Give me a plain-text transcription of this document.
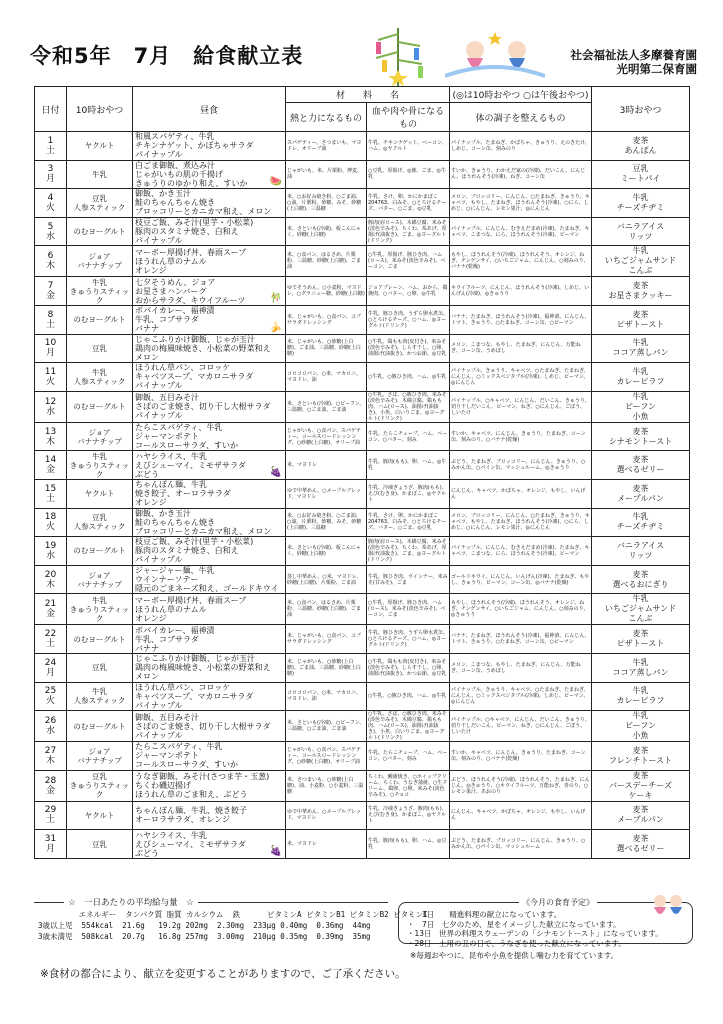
令和5年　7月　給食献立表	社会福祉法人多摩養育園
光明第二保育園
日付	10時おやつ	昼食	材　　料　　名		(◎は10時おやつ ○は午後おやつ)	3時おやつ
			熱と力になるもの	血や肉や骨になるもの	体の調子を整えるもの	

1
土	ヤクルト	和風スパゲティ、牛乳
チキンナゲット、かぼちゃサラダ
パイナップル	スパゲティー、さつまいも、マヨドレ、オリーブ油	牛乳、チキンナゲット、ベーコン、ハム、◎ヤクルト	パイナップル、たまねぎ、かぼちゃ、きゅうり、えのきたけ、しめじ、コーン缶、刻みのり	麦茶
あんぱん

3
月	牛乳	白ごま御飯、煮込み汁
じゃがいもの肌の千揚げ
きゅうりのゆかり和え、すいか 🍉	じゃがいも、米、片栗粉、押麦、油	○豆乳、厚揚げ、◎豚、ごま、◎牛乳	すいか、きゅうり、わかえだ家の(冷凍)、だいこん、にんじん、ほうれんそう(冷凍)、ねぎ、ユーン缶	豆乳
ミートパイ

4
火	豆乳
人参スティック	御飯、かき玉汁
鮭のちゃんちゃん焼き
ブロッコリーとカニカマ和え、メロン	米、○お好み焼き粉、○ごま油、○油、片栗粉、砂糖、みそ、砂糖(上白糖)、三温糖	牛乳、さけ、卵、かにかまぼこ 204763、白みそ、○とろけるチーズ、バター、○ごま、◎豆乳	メロン、ブロッコリー、にんじん、○たまねぎ、きゅうり、キャベツ、もやし、たまねぎ、ほうれんそう(冷凍)、○にら、しめじ、○にんじん、レモン果汁、◎にんじん	牛乳
チーズチヂミ

5
水	のむヨーグルト	枝豆ご飯、みそ汁(里芋・小松菜)
豚肉のスタミナ焼き、白和え
パイナップル	米、さといも(冷凍)、板こんにゃく、砂糖(上白糖)	豚肉(肩ロース)、木綿豆腐、米みそ(淡色辛みそ)、ちくわ、糸あげ、厚揚げ(油抜き)、ごま、◎ヨーグルト(ドリンク)	パイナップル、にんじん、むきえだまめ(冷凍)、たまねぎ、キャベツ、こまつな、にら、ほうれんそう(冷凍)、ピーマン	バニラアイス
リッツ

6
木	ジョア
バナナチップ	マーボー厚揚げ丼、春雨スープ
ほうれん草のナムル
オレンジ	米、○食パン、はるさめ、片栗粉、三温糖、砂糖(上白糖)、ごま油	○牛乳、厚揚げ、豚ひき肉、ハム(ロース)、米みそ(淡色辛みそ)、ベーコン、ごま	もやし、ほうれんそう(冷凍)、ほうれんそう、オレンジ、ねぎ、チンゲンサイ、○いちごジャム、にんじん、○刻みのり、バナナ(乾燥)	牛乳
いちごジャムサンド
こんぶ

7
金	牛乳
きゅうりスティック	七夕そうめん、ジョア
お星さまハンバーグ
おからサラダ、キウイフルーツ 🎋	ゆでそうめん、○小麦粉、マヨドレ、○グラニュー糖、砂糖(上白糖)	ジョアプレーン、ハム、おから、鶏挽肉、○バター、○卵、◎牛乳	キウイフルーツ、にんじん、ほうれんそう(冷凍)、しめじ、いんげん(冷凍)、◎きゅうり	麦茶
お星さまクッキー

8
土	のむヨーグルト	ポパイカレー、福神漬
牛乳、コブサラダ
バナナ 🍌	米、じゃがいも、○食パン、ユブサラダドレッシング	牛乳、豚ひき肉、うずら卵水煮缶、○とろけるチーズ、○ハム、◎ヨーグルト(ドリンク)	バナナ、たまねぎ、ほうれんそう(冷凍)、福神漬、にんじん、トマト、きゅうり、○たまねぎ、コーン缶、○ピーマン	麦茶
ピザトースト

10
月	豆乳	じゃこふりかけ御飯、じゃが玉汁
鶏肉の梅風味焼き、小松菜の野菜和え
メロン	米、じゃがいも、○砂糖(上白糖)、ごま油、三温糖、砂糖(上白糖)	○牛乳、鶏もも肉(皮付き)、米みそ(淡色辛みそ)、しらす干し、○卵、油揚げ(油抜き)、かつお節、◎豆乳	メロン、こまつな、もやし、たまねぎ、にんじん、万能ねぎ、コーン缶、うめぼし	牛乳
ココア蒸しパン

11
火	牛乳
人参スティック	ほうれん草パン、コロッケ
キャベツスープ、マカロニサラダ
パイナップル	コロコロパン、○米、マカロニ、マヨドレ、油	○牛乳、○豚ひき肉、ハム、◎牛乳	パイナップル、きゅうり、キャベツ、○たまねぎ、たまねぎ、にんじん、○ミックスベジタブル(冷凍)、しめじ、ピーマン、◎にんじん	牛乳
カレーピラフ

12
水	のむヨーグルト	御飯、五目みそ汁
さばのごま焼き、切り干し大根サラダ
パイナップル	米、さといも(冷凍)、○ビーフン、三温糖、○ごま油、ごま油	○牛乳、さば、○豚ひき肉、米みそ(淡色辛みそ)、木綿豆腐、鶏もも肉、ハム(ロース)、油揚げ(油抜き)、小魚、白いりごま、◎ヨーグルト(ドリンク)	パイナップル、○キャベツ、にんじん、だいこん、きゅうり、切り干しだいこん、ピーマン、ねぎ、○にんじん、ごぼう、しいたけ	牛乳
ビーフン
小魚

13
木	ジョア
バナナチップ	たらこスパゲティ、牛乳
ジャーマンポテト
コールスローサラダ、すいか	じゃがいも、○食パン、スパゲティー、コールスロードレッシング、○砂糖(上白糖)、オリーブ油	牛乳、たらこチューブ、ハム、ベーコン、○バター、刻み	すいか、キャベツ、にんじん、きゅうり、たまねぎ、コーン缶、刻みのり、○バナナ(乾燥)	麦茶
シナモントースト

14
金	牛乳
きゅうりスティック	ハヤシライス、牛乳
えびシューマイ、ミモザサラダ
ぶどう 🍇	米、マヨドレ	牛乳、豚肉(もも)、卵、ハム、◎牛乳	ぶどう、たまねぎ、ブロッコリー、にんじん、きゅうり、○みかん缶、○パイン缶、マッシュルーム、◎きゅうり	麦茶
選べるゼリー

15
土	ヤクルト	ちゃんぽん麺、牛乳
焼き餃子、オーロラサラダ
オレンジ	ゆで中華めん、○メープルブレッド、マヨドレ	牛乳、冷凍ぎょうざ、豚肉(もも)、えび(むき身)、かまぼこ、◎ヤクルト	にんじん、キャベツ、かぼちゃ、オレンジ、もやし、いんげん	麦茶
メープルパン

18
火	豆乳
人参スティック	御飯、かき玉汁
鮭のちゃんちゃん焼き
ブロッコリーとカニカマ和え、メロン	米、○お好み焼き粉、○ごま油、○油、片栗粉、砂糖、みそ、砂糖(上白糖)、三温糖	牛乳、さけ、卵、かにかまぼこ 204763、白みそ、○とろけるチーズ、バター、○ごま、◎豆乳	メロン、ブロッコリー、にんじん、○たまねぎ、きゅうり、キャベツ、もやし、たまねぎ、ほうれんそう(冷凍)、○にら、しめじ、○にんじん、レモン果汁、◎にんじん	牛乳
チーズチヂミ

19
水	のむヨーグルト	枝豆ご飯、みそ汁(里芋・小松菜)
豚肉のスタミナ焼き、白和え
パイナップル	米、さといも(冷凍)、板こんにゃく、砂糖(上白糖)	豚肉(肩ロース)、木綿豆腐、米みそ(淡色辛みそ)、ちくわ、糸あげ、厚揚げ(油抜き)、ごま、◎ヨーグルト(ドリンク)	パイナップル、にんじん、むきえだまめ(冷凍)、たまねぎ、キャベツ、こまつな、にら、ほうれんそう(冷凍)、ピーマン	バニラアイス
リッツ

20
木	ジョア
バナナチップ	ジャージャー麺、牛乳
ウインナーソテー
隠元のごまネーズ和え、ゴールドキウイ	蒸し中華めん、○米、マヨドレ、砂糖(上白糖)、片栗粉、ごま油	牛乳、豚ひき肉、ウインナー、米みそ(甘みそ)、ごま	ゴールドキウイ、にんじん、いんげん(冷凍)、たまねぎ、もやし、きゅうり、ピーマン、コーン缶、◎バナナ(乾燥)	麦茶
選べるおにぎり

21
金	牛乳
きゅうりスティック	マーボー厚揚げ丼、春雨スープ
ほうれん草のナムル
オレンジ	米、○食パン、はるさめ、片栗粉、三温糖、砂糖(上白糖)、ごま油	○牛乳、厚揚げ、豚ひき肉、ハム(ロース)、米みそ(淡色辛みそ)、ベーコン、ごま	もやし、ほうれんそう(冷凍)、ほうれんそう、オレンジ、ねぎ、チンゲンサイ、○いちごジャム、にんじん、○刻みのり、◎きゅうり	牛乳
いちごジャムサンド
こんぶ

22
土	のむヨーグルト	ポパイカレー、福神漬
牛乳、コブサラダ
バナナ	米、じゃがいも、○食パン、ユブサラダドレッシング	牛乳、豚ひき肉、うずら卵水煮缶、○とろけるチーズ、○ハム、◎ヨーグルト(ドリンク)	バナナ、たまねぎ、ほうれんそう(冷凍)、福神漬、にんじん、トマト、きゅうり、○たまねぎ、コーン缶、○ピーマン	麦茶
ピザトースト

24
月	豆乳	じゃこふりかけ御飯、じゃが玉汁
鶏肉の梅風味焼き、小松菜の野菜和え
メロン	米、じゃがいも、○砂糖(上白糖)、ごま油、三温糖、砂糖(上白糖)	○牛乳、鶏もも肉(皮付き)、米みそ(淡色辛みそ)、しらす干し、○卵、油揚げ(油抜き)、かつお節、◎豆乳	メロン、こまつな、もやし、たまねぎ、にんじん、万能ねぎ、コーン缶、うめぼし	牛乳
ココア蒸しパン

25
火	牛乳
人参スティック	ほうれん草パン、コロッケ
キャベツスープ、マカロニサラダ
パイナップル	コロコロパン、○米、マカロニ、マヨドレ、油	○牛乳、○豚ひき肉、ハム、◎牛乳	パイナップル、きゅうり、キャベツ、○たまねぎ、たまねぎ、にんじん、○ミックスベジタブル(冷凍)、しめじ、ピーマン、◎にんじん	牛乳
カレーピラフ

26
水	のむヨーグルト	御飯、五目みそ汁
さばのごま焼き、切り干し大根サラダ
パイナップル	米、さといも(冷凍)、○ビーフン、三温糖、○ごま油、ごま油	○牛乳、さば、○豚ひき肉、米みそ(淡色辛みそ)、木綿豆腐、鶏もも肉、ハム(ロース)、油揚げ(油抜き)、小魚、白いりごま、◎ヨーグルト(ドリンク)	パイナップル、○キャベツ、にんじん、だいこん、きゅうり、切り干しだいこん、ピーマン、ねぎ、○にんじん、ごぼう、しいたけ	牛乳
ビーフン
小魚

27
木	ジョア
バナナチップ	たらこスパゲティ、牛乳
ジャーマンポテト
コールスローサラダ、すいか	じゃがいも、○食パン、スパゲティー、コールスロードレッシング、○砂糖(上白糖)、オリーブ油	牛乳、たらこチューブ、ハム、ベーコン、○バター、刻み	すいか、キャベツ、にんじん、きゅうり、たまねぎ、コーン缶、刻みのり、○バナナ(乾燥)	麦茶
フレンチトースト

28
金	豆乳
きゅうりスティック	うなぎ御飯、みそ汁(さつま芋・玉葱)
ちくわ磯辺揚げ
ほうれん草のごま和え、ぶどう	米、さつまいも、○砂糖(上白糖)、油、小麦粉、○小麦粉、三温糖	ちくわ、鰻蒲焼き、○ホイップクリーム、ちくわ、うなぎ蒲焼、○生クリーム、鶏卵、○卵、米みそ(淡色辛みそ)、○チョコ	ぶどう、ほうれんそう(冷凍)、ほうれんそう、たまねぎ、にんじん、◎きゅうり、○キウイフルーツ、万能ねぎ、青のり、○レモン果汁、あおのり	麦茶
バースデーチーズ
ケーキ

29
土	ヤクルト	ちゃんぽん麺、牛乳、焼き餃子
オーロラサラダ、オレンジ	ゆで中華めん、○メープルブレッド、マヨドレ	牛乳、冷凍ぎょうざ、豚肉(もも)、えび(むき身)、かまぼこ、◎ヤクルト	にんじん、キャベツ、かぼちゃ、オレンジ、もやし、いんげん	麦茶
メープルパン

31
月	豆乳	ハヤシライス、牛乳
えびシューマイ、ミモザサラダ
ぶどう 🍇	米、マヨドレ	牛乳、豚肉(もも)、卵、ハム、◎豆乳	ぶどう、たまねぎ、ブロッコリー、にんじん、きゅうり、○みかん缶、○パイン缶、マッシュルーム	麦茶
選べるゼリー
☆　一日あたりの平均給与量　☆
エネルギー  タンパク質 脂質 カルシウム  鉄      ビタミンA ビタミンB1 ビタミンB2 ビタミンC
3歳以上児  554kcal  21.6g   19.2g 202mg  2.30mg  233μg 0.40mg  0.36mg  44mg
3歳未満児  508kcal  20.7g   16.8g 257mg  3.00mg  210μg 0.35mg  0.39mg  35mg
《今月の食育予定》
・　3日　　精進料理の献立になっています。
・　7日　七夕のため、星をイメージした献立になっています。
・13日　世界の料理スウェーデンの「シナモントースト」になっています。
・28日　土用の丑の日で、うなぎを使った献立になっています。
※毎週おやつに、昆布や小魚を提供し噛む力を育てています。
※食材の都合により、献立を変更することがありますので、ご了承ください。
